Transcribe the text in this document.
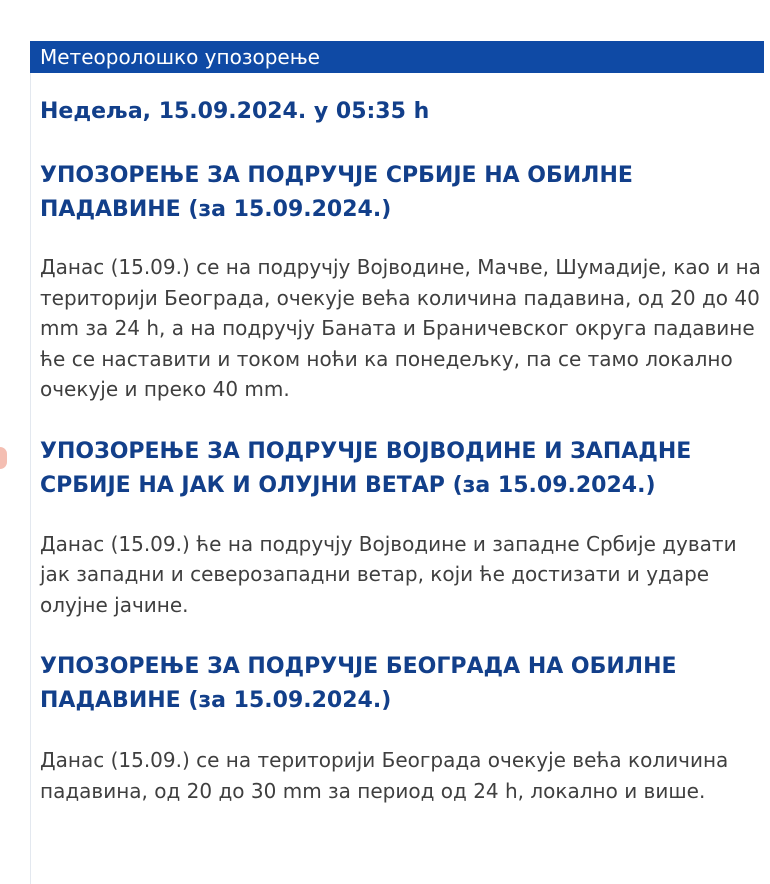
Метеоролошко упозорење

Недеља, 15.09.2024. у 05:35 h

УПОЗОРЕЊЕ ЗА ПОДРУЧЈЕ СРБИЈЕ НА ОБИЛНЕ ПАДАВИНЕ (за 15.09.2024.)

Данас (15.09.) се на подручју Војводине, Мачве, Шумадије, као и на територији Београда, очекује већа количина падавина, од 20 до 40 mm за 24 h, а на подручју Баната и Браничевског округа падавине ће се наставити и током ноћи ка понедељку, па се тамо локално очекује и преко 40 mm.

УПОЗОРЕЊЕ ЗА ПОДРУЧЈЕ ВОЈВОДИНЕ И ЗАПАДНЕ СРБИЈЕ НА ЈАК И ОЛУЈНИ ВЕТАР (за 15.09.2024.)

Данас (15.09.) ће на подручју Војводине и западне Србије дувати јак западни и северозападни ветар, који ће достизати и ударе олујне јачине.

УПОЗОРЕЊЕ ЗА ПОДРУЧЈЕ БЕОГРАДА НА ОБИЛНЕ ПАДАВИНЕ (за 15.09.2024.)

Данас (15.09.) се на територији Београда очекује већа количина падавина, од 20 до 30 mm за период од 24 h, локално и више.
